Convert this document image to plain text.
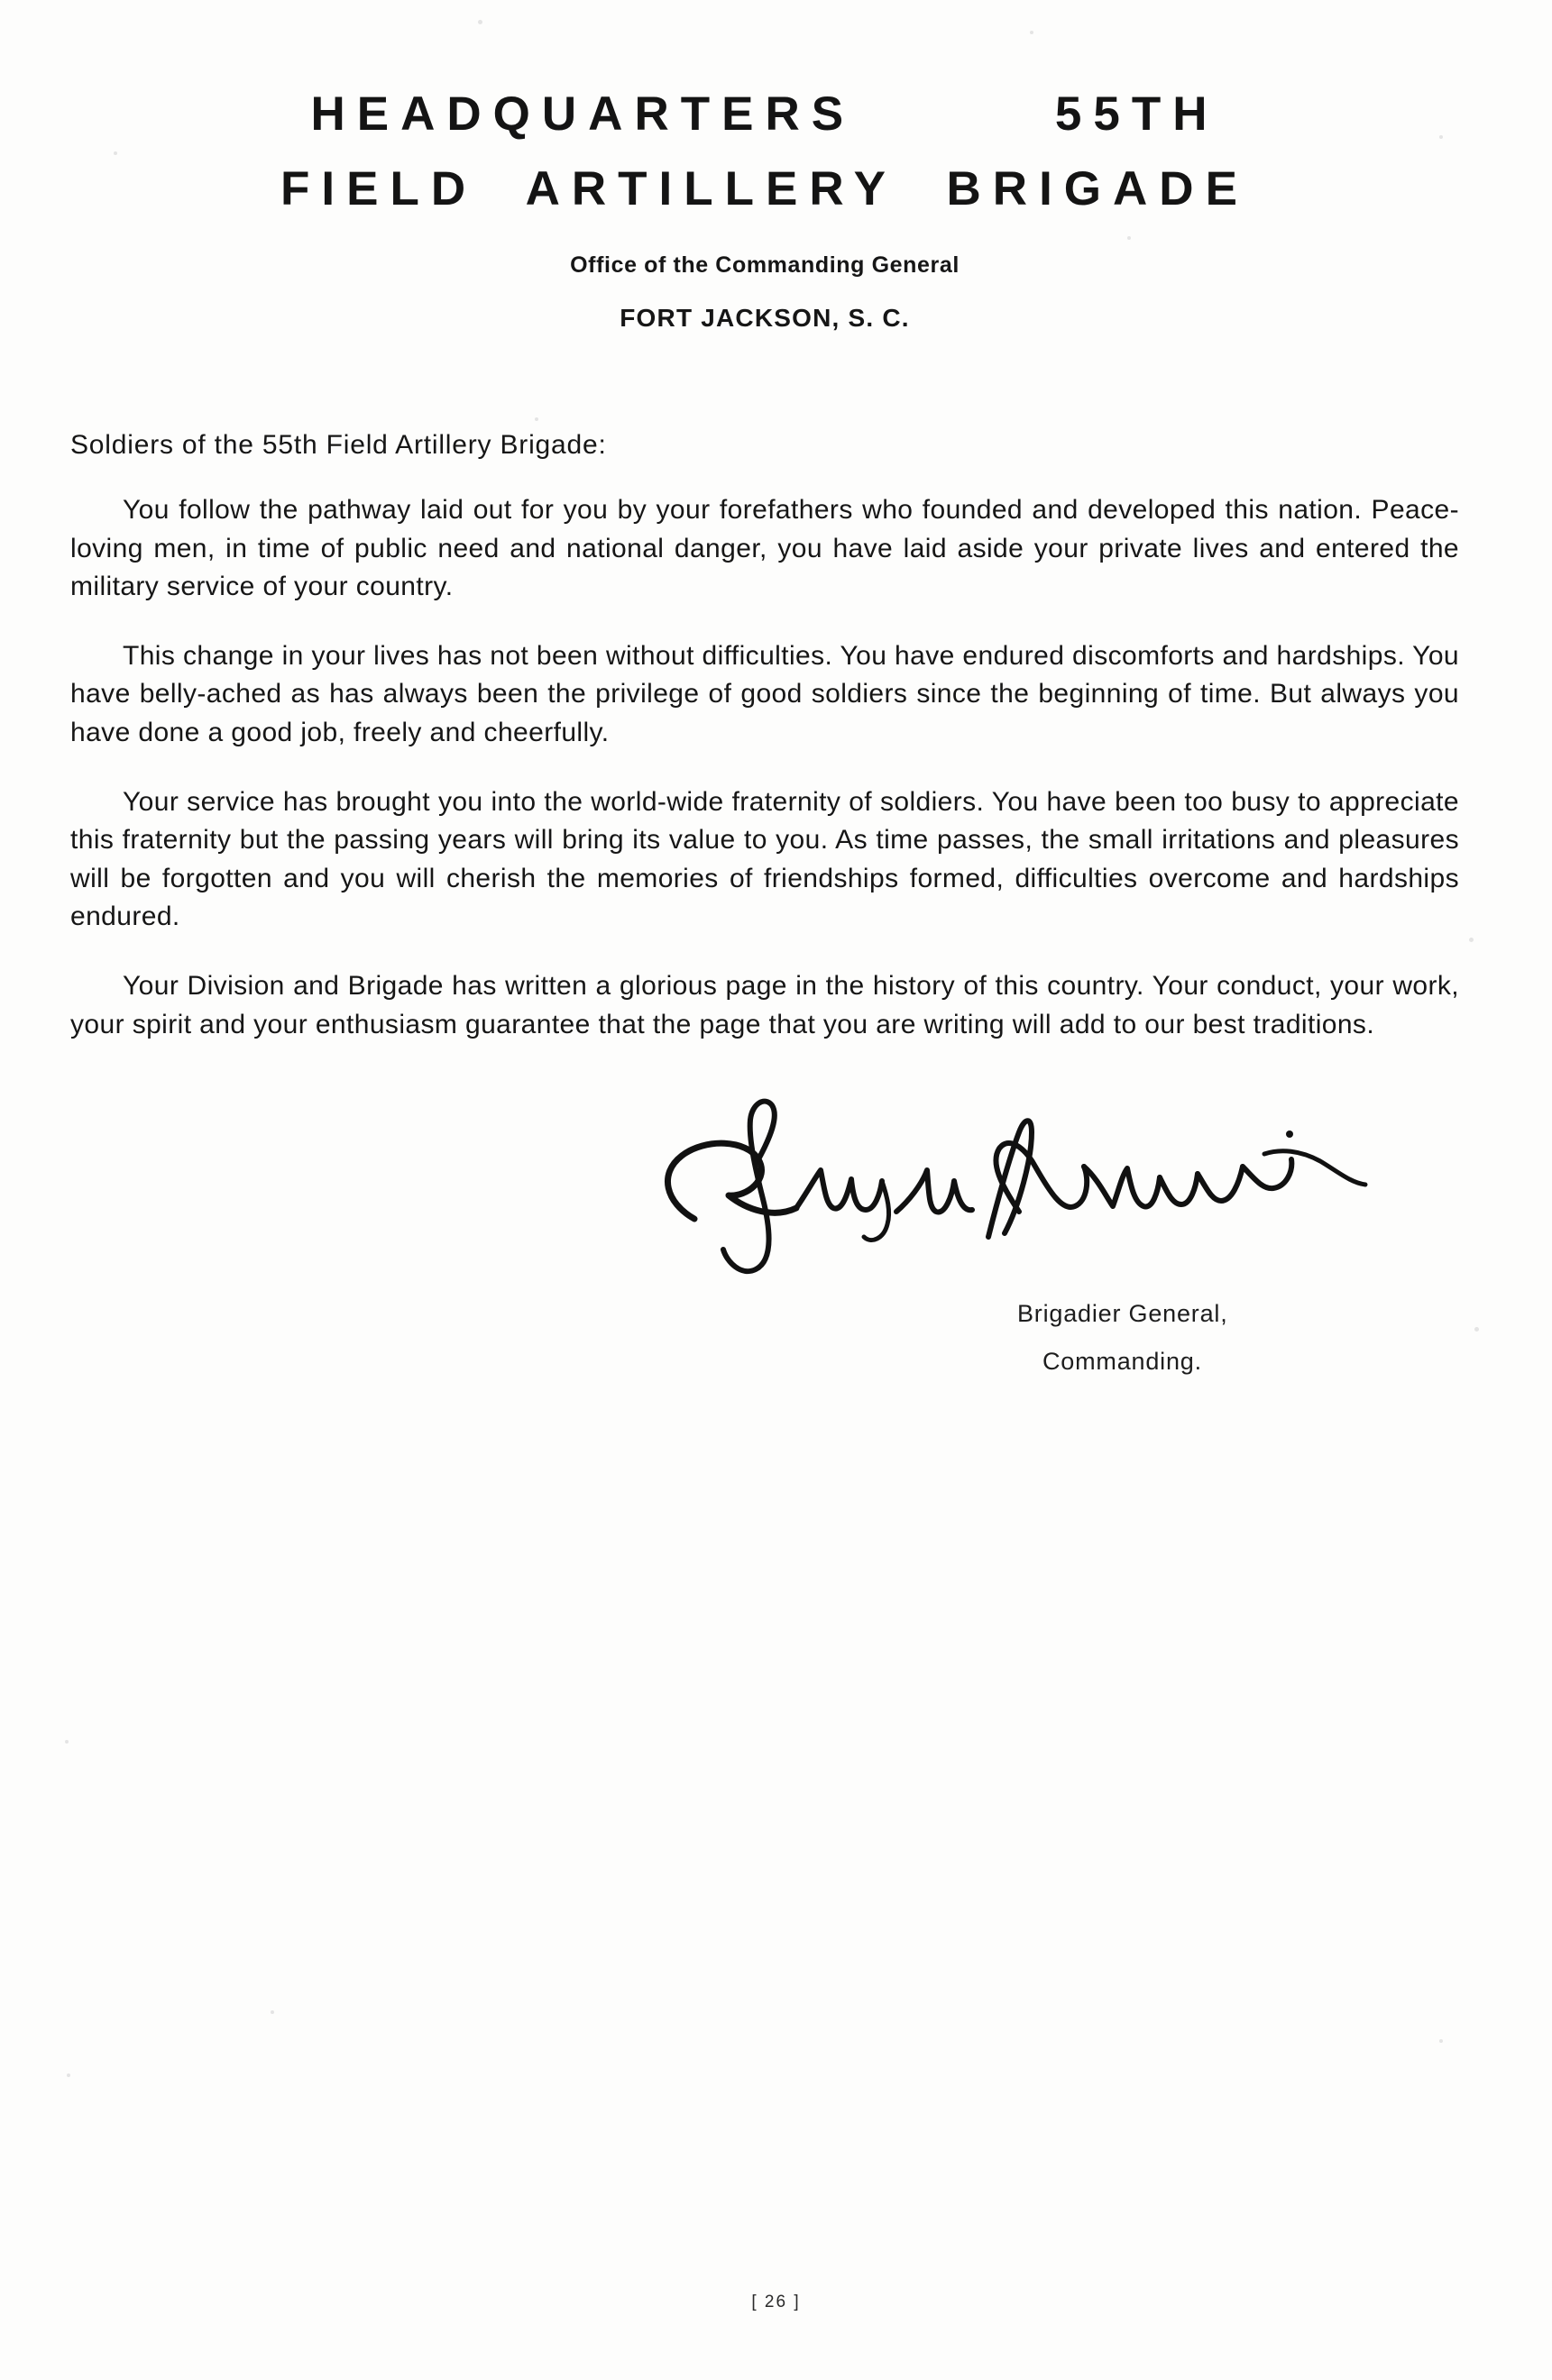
HEADQUARTERS        55TH
FIELD  ARTILLERY  BRIGADE
Office of the Commanding General
FORT JACKSON, S. C.
Soldiers of the 55th Field Artillery Brigade:
You follow the pathway laid out for you by your forefathers who founded and developed this nation. Peace-loving men, in time of public need and national danger, you have laid aside your private lives and entered the military service of your country.
This change in your lives has not been without difficulties. You have endured discomforts and hardships. You have belly-ached as has always been the privilege of good soldiers since the beginning of time. But always you have done a good job, freely and cheerfully.
Your service has brought you into the world-wide fraternity of soldiers. You have been too busy to appreciate this fraternity but the passing years will bring its value to you. As time passes, the small irritations and pleasures will be forgotten and you will cherish the memories of friendships formed, difficulties overcome and hardships endured.
Your Division and Brigade has written a glorious page in the history of this country. Your conduct, your work, your spirit and your enthusiasm guarantee that the page that you are writing will add to our best traditions.
Brigadier General,
Commanding.
[ 26 ]
